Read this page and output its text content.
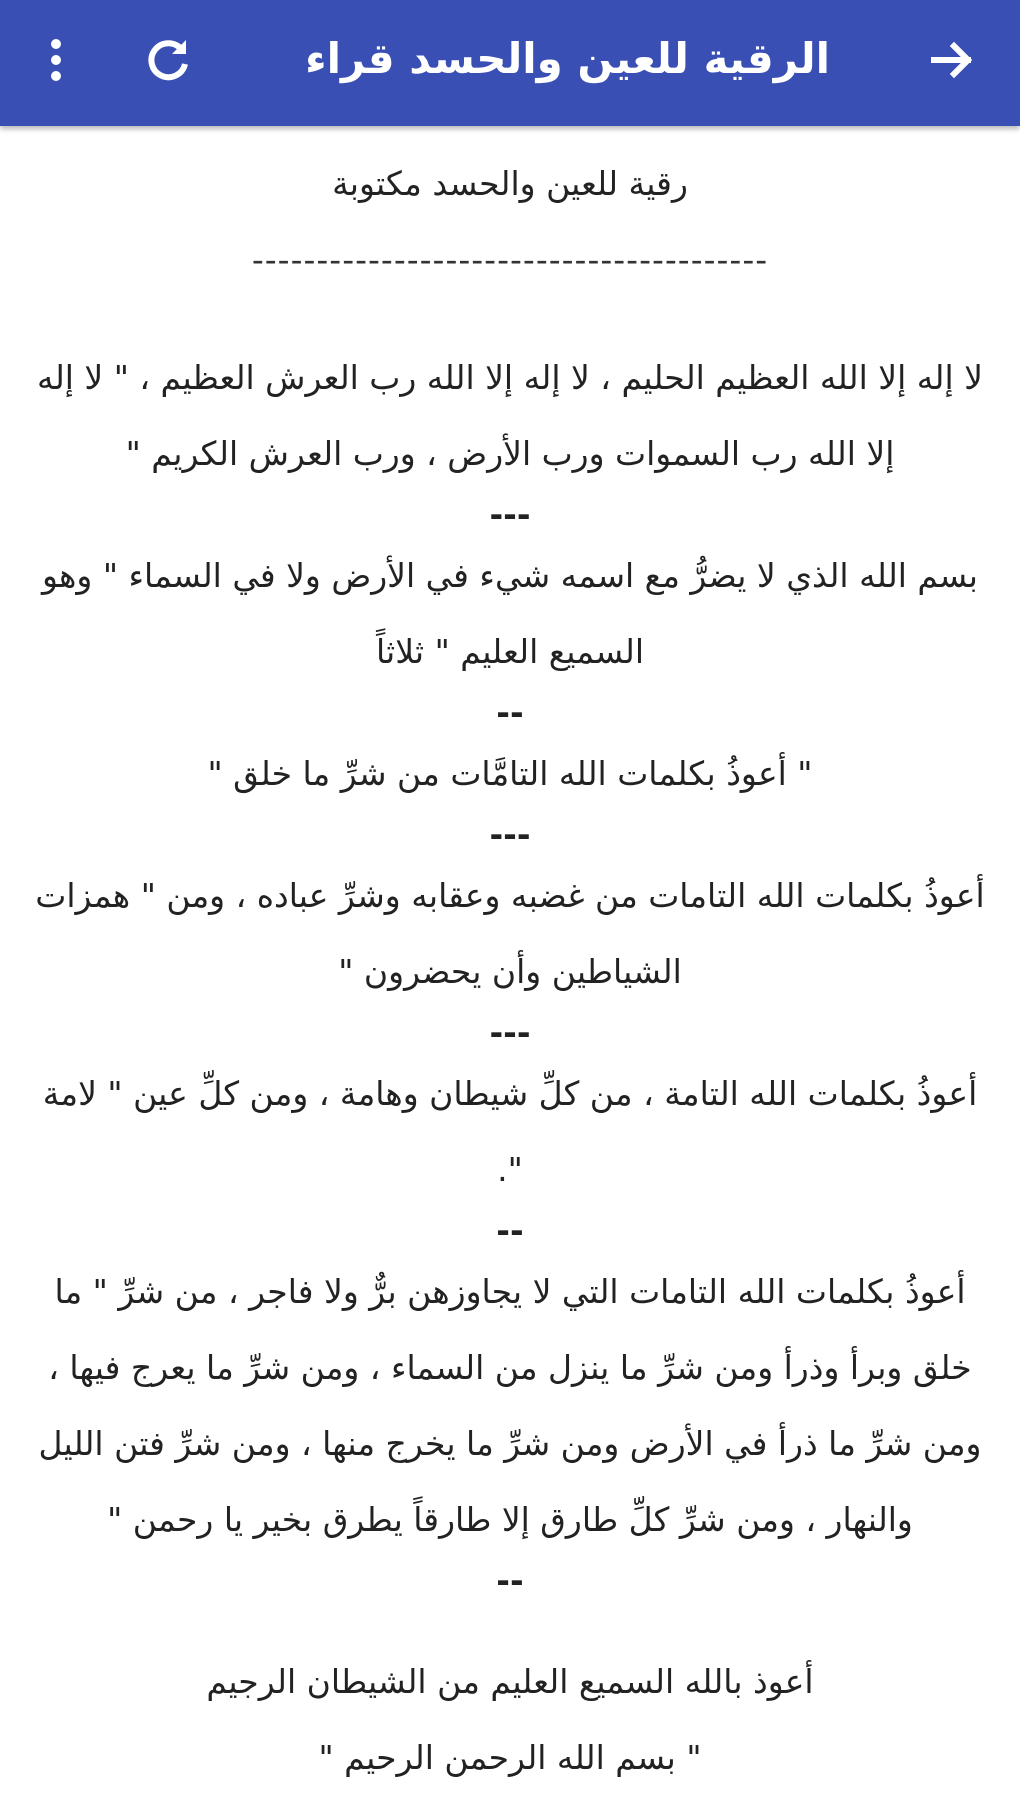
الرقية للعين والحسد قراء

رقية للعين والحسد مكتوبة

----------------------------------------

لا إله إلا الله العظيم الحليم ، لا إله إلا الله رب العرش العظيم ، " لا إله إلا الله رب السموات ورب الأرض ، ورب العرش الكريم "

---

بسم الله الذي لا يضرُّ مع اسمه شيء في الأرض ولا في السماء " وهو السميع العليم " ثلاثاً

--

" أعوذُ بكلمات الله التامَّات من شرِّ ما خلق "

---

أعوذُ بكلمات الله التامات من غضبه وعقابه وشرِّ عباده ، ومن " همزات الشياطين وأن يحضرون "

---

أعوذُ بكلمات الله التامة ، من كلِّ شيطان وهامة ، ومن كلِّ عين " لامة ".

--

أعوذُ بكلمات الله التامات التي لا يجاوزهن برٌّ ولا فاجر ، من شرِّ " ما خلق وبرأ وذرأ ومن شرِّ ما ينزل من السماء ، ومن شرِّ ما يعرج فيها ، ومن شرِّ ما ذرأ في الأرض ومن شرِّ ما يخرج منها ، ومن شرِّ فتن الليل والنهار ، ومن شرِّ كلِّ طارق إلا طارقاً يطرق بخير يا رحمن "

--

أعوذ بالله السميع العليم من الشيطان الرجيم

" بسم الله الرحمن الرحيم "
